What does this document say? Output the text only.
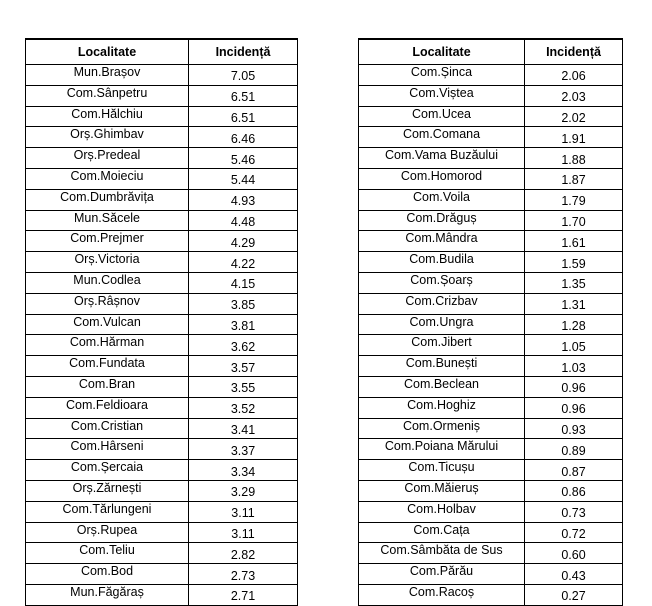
Localitate	Incidență
Mun.Brașov	7.05
Com.Sânpetru	6.51
Com.Hălchiu	6.51
Orș.Ghimbav	6.46
Orș.Predeal	5.46
Com.Moieciu	5.44
Com.Dumbrăvița	4.93
Mun.Săcele	4.48
Com.Prejmer	4.29
Orș.Victoria	4.22
Mun.Codlea	4.15
Orș.Râșnov	3.85
Com.Vulcan	3.81
Com.Hărman	3.62
Com.Fundata	3.57
Com.Bran	3.55
Com.Feldioara	3.52
Com.Cristian	3.41
Com.Hârseni	3.37
Com.Șercaia	3.34
Orș.Zărnești	3.29
Com.Tărlungeni	3.11
Orș.Rupea	3.11
Com.Teliu	2.82
Com.Bod	2.73
Mun.Făgăraș	2.71
Localitate	Incidență
Com.Șinca	2.06
Com.Viștea	2.03
Com.Ucea	2.02
Com.Comana	1.91
Com.Vama Buzăului	1.88
Com.Homorod	1.87
Com.Voila	1.79
Com.Drăguș	1.70
Com.Mândra	1.61
Com.Budila	1.59
Com.Șoarș	1.35
Com.Crizbav	1.31
Com.Ungra	1.28
Com.Jibert	1.05
Com.Bunești	1.03
Com.Beclean	0.96
Com.Hoghiz	0.96
Com.Ormeniș	0.93
Com.Poiana Mărului	0.89
Com.Ticușu	0.87
Com.Măieruș	0.86
Com.Holbav	0.73
Com.Cața	0.72
Com.Sâmbăta de Sus	0.60
Com.Părău	0.43
Com.Racoș	0.27
